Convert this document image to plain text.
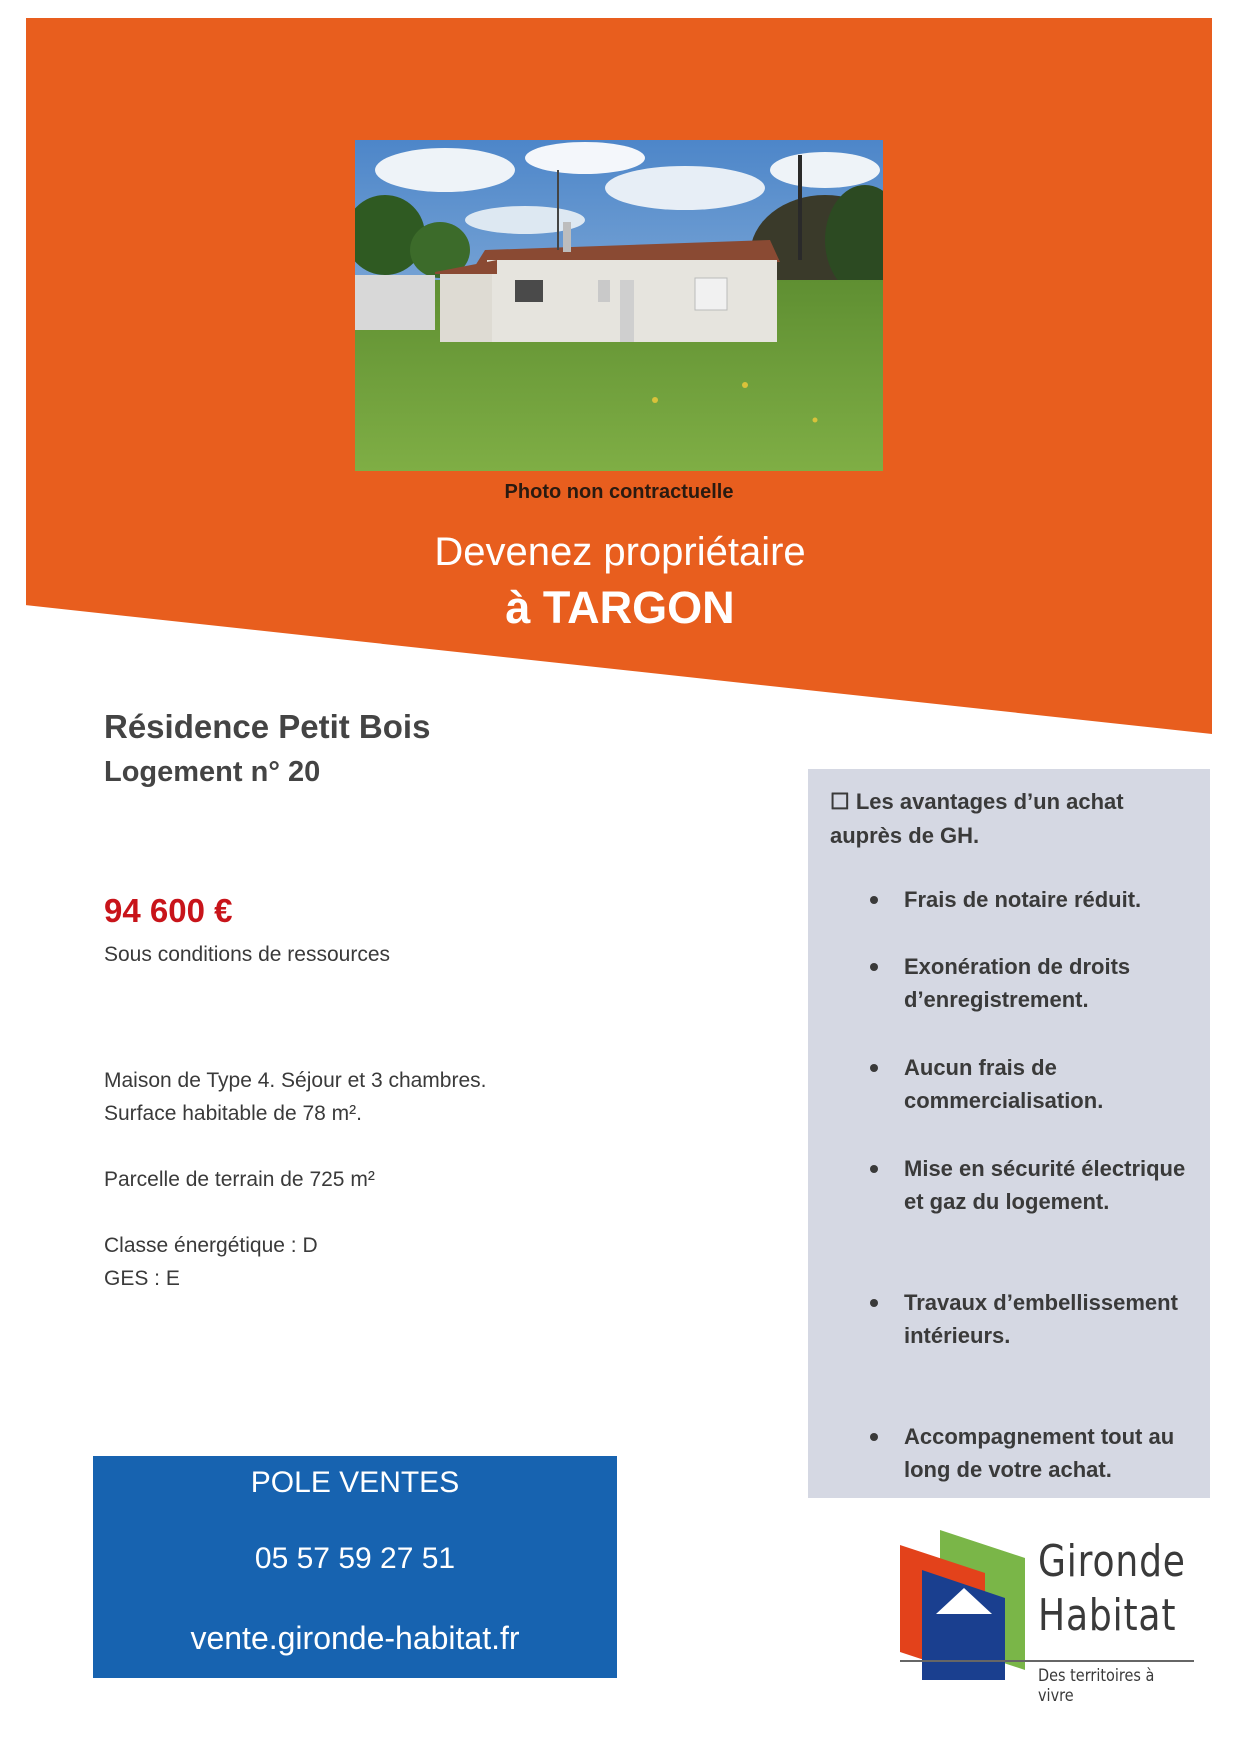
Photo non contractuelle
Devenez propriétaire
à TARGON
Résidence Petit Bois
Logement n° 20
94 600 €
Sous conditions de ressources
Maison de Type 4. Séjour et 3 chambres.
Surface habitable de 78 m².
Parcelle de terrain de 725 m²
Classe énergétique : D
GES : E
☐ Les avantages d’un achat auprès de GH.
Frais de notaire réduit.
Exonération de droits d’enregistrement.
Aucun frais de commercialisation.
Mise en sécurité électrique et gaz du logement.
Travaux d’embellissement intérieurs.
Accompagnement tout au long de votre achat.
POLE VENTES
05 57 59 27 51
vente.gironde-habitat.fr
Gironde
Habitat
Des territoires à vivre
